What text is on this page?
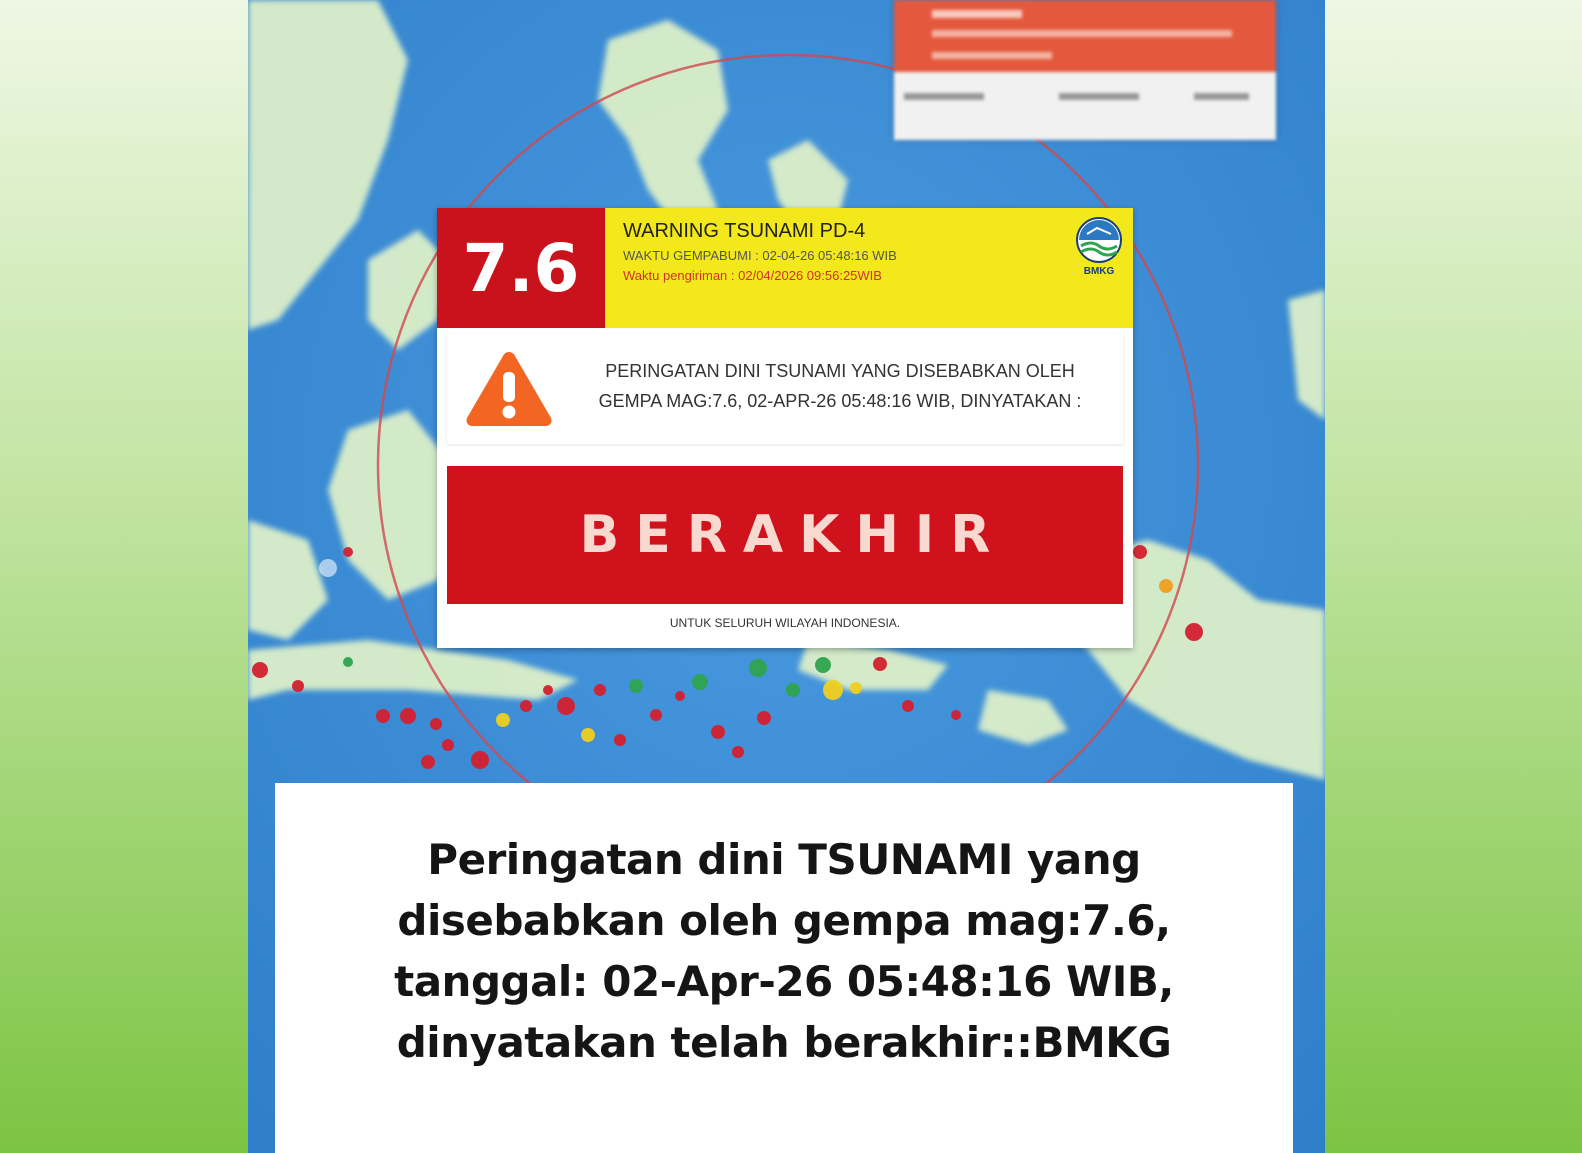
7.6 WARNING TSUNAMI PD-4
WAKTU GEMPABUMI : 02-04-26 05:48:16 WIB
Waktu pengiriman : 02/04/2026 09:56:25WIB	BMKG
PERINGATAN DINI TSUNAMI YANG DISEBABKAN OLEH
GEMPA MAG:7.6, 02-APR-26 05:48:16 WIB, DINYATAKAN :
BERAKHIR
UNTUK SELURUH WILAYAH INDONESIA.
Peringatan dini TSUNAMI yang
disebabkan oleh gempa mag:7.6,
tanggal: 02-Apr-26 05:48:16 WIB,
dinyatakan telah berakhir::BMKG
